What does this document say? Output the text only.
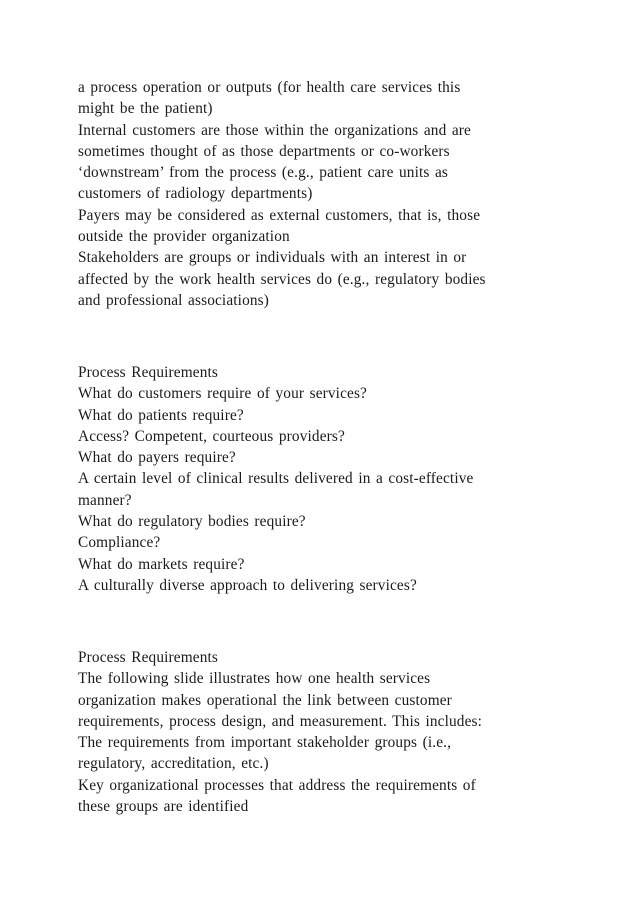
a process operation or outputs (for health care services this
might be the patient)
Internal customers are those within the organizations and are
sometimes thought of as those departments or co-workers
‘downstream’ from the process (e.g., patient care units as
customers of radiology departments)
Payers may be considered as external customers, that is, those
outside the provider organization
Stakeholders are groups or individuals with an interest in or
affected by the work health services do (e.g., regulatory bodies
and professional associations)
Process Requirements
What do customers require of your services?
What do patients require?
Access? Competent, courteous providers?
What do payers require?
A certain level of clinical results delivered in a cost-effective
manner?
What do regulatory bodies require?
Compliance?
What do markets require?
A culturally diverse approach to delivering services?
Process Requirements
The following slide illustrates how one health services
organization makes operational the link between customer
requirements, process design, and measurement. This includes:
The requirements from important stakeholder groups (i.e.,
regulatory, accreditation, etc.)
Key organizational processes that address the requirements of
these groups are identified
